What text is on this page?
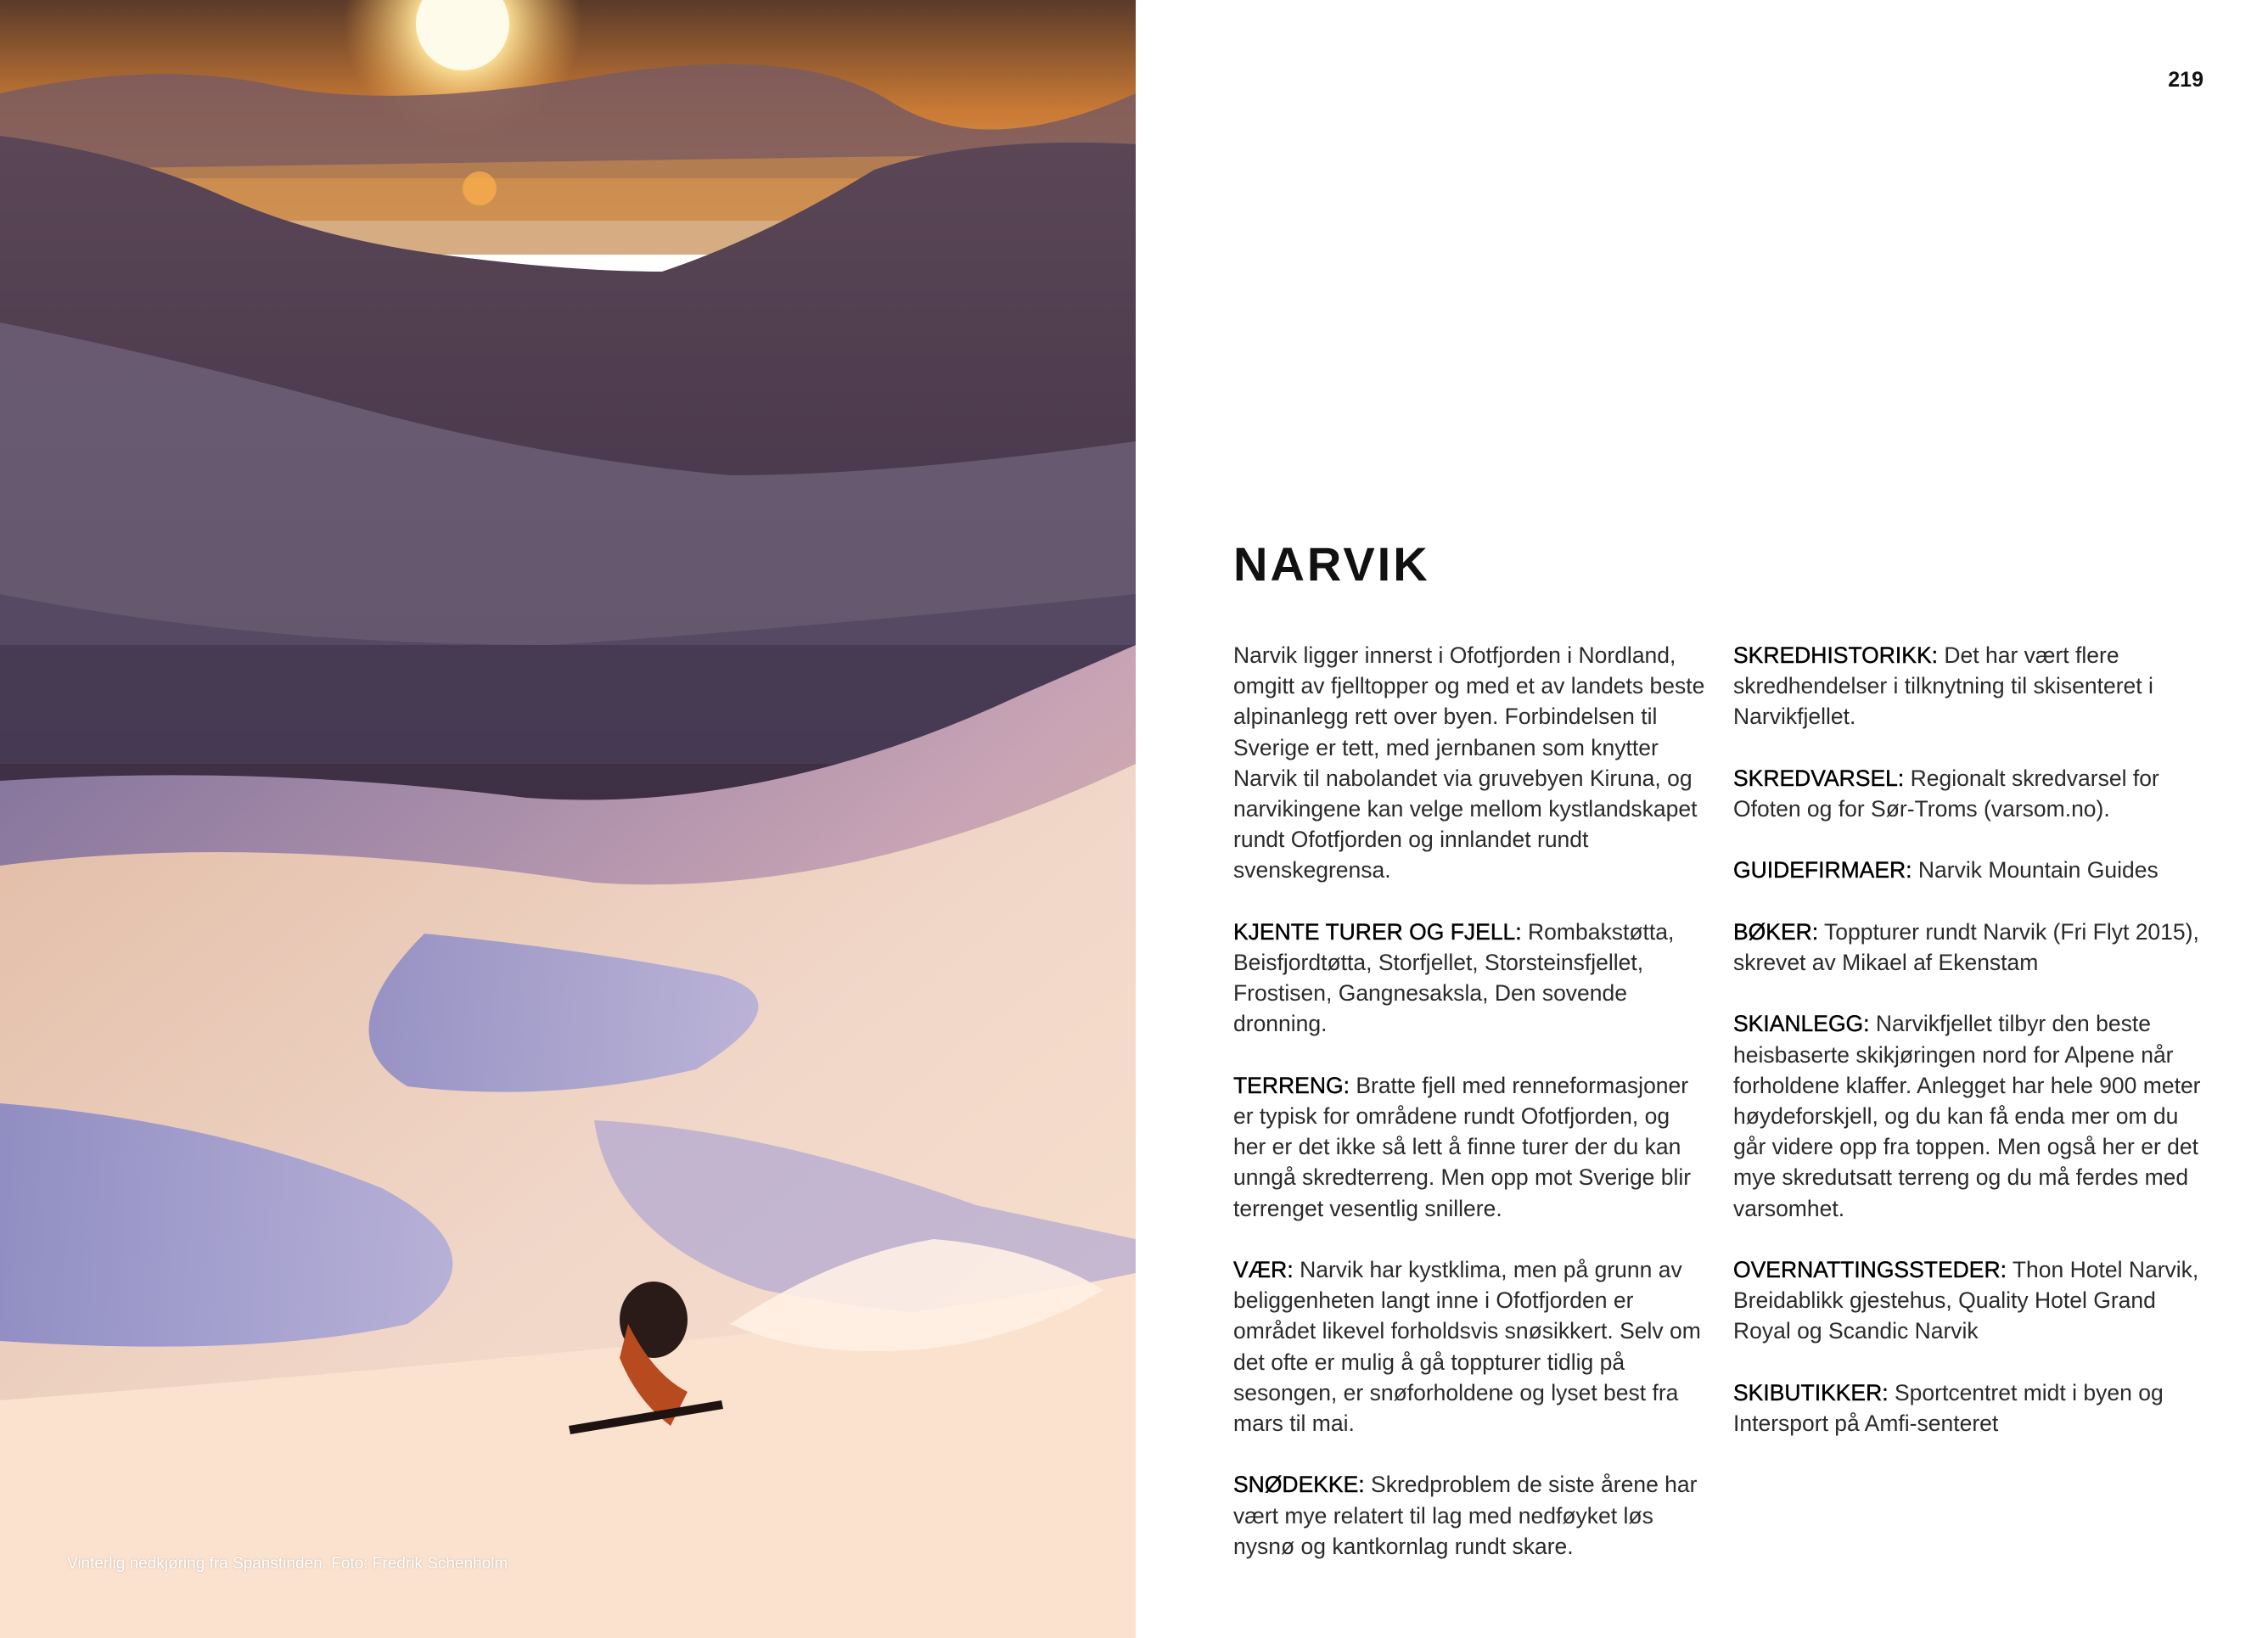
Vinterlig nedkjøring fra Spanstinden. Foto: Fredrik Schenholm
219
NARVIK

Narvik ligger innerst i Ofotfjorden i Nordland, omgitt av fjelltopper og med et av landets beste alpinanlegg rett over byen. Forbindelsen til Sverige er tett, med jernbanen som knytter Narvik til nabolandet via gruvebyen Kiruna, og narvikingene kan velge mellom kystlandskapet rundt Ofotfjorden og innlandet rundt svenskegrensa.

KJENTE TURER OG FJELL: Rombakstøtta, Beisfjordtøtta, Storfjellet, Storsteinsfjellet, Frostisen, Gangnesaksla, Den sovende dronning.

TERRENG: Bratte fjell med renneformasjoner er typisk for områdene rundt Ofotfjorden, og her er det ikke så lett å finne turer der du kan unngå skredterreng. Men opp mot Sverige blir terrenget vesentlig snillere.

VÆR: Narvik har kystklima, men på grunn av beliggenheten langt inne i Ofotfjorden er området likevel forholdsvis snøsikkert. Selv om det ofte er mulig å gå toppturer tidlig på sesongen, er snøforholdene og lyset best fra mars til mai.

SNØDEKKE: Skredproblem de siste årene har vært mye relatert til lag med nedføyket løs nysnø og kantkornlag rundt skare.

SKREDHISTORIKK: Det har vært flere skredhendelser i tilknytning til skisenteret i Narvikfjellet.

SKREDVARSEL: Regionalt skredvarsel for Ofoten og for Sør-Troms (varsom.no).

GUIDEFIRMAER: Narvik Mountain Guides

BØKER: Toppturer rundt Narvik (Fri Flyt 2015), skrevet av Mikael af Ekenstam

SKIANLEGG: Narvikfjellet tilbyr den beste heisbaserte skikjøringen nord for Alpene når forholdene klaffer. Anlegget har hele 900 meter høydeforskjell, og du kan få enda mer om du går videre opp fra toppen. Men også her er det mye skredutsatt terreng og du må ferdes med varsomhet.

OVERNATTINGSSTEDER: Thon Hotel Narvik, Breidablikk gjestehus, Quality Hotel Grand Royal og Scandic Narvik

SKIBUTIKKER: Sportcentret midt i byen og Intersport på Amfi-senteret
